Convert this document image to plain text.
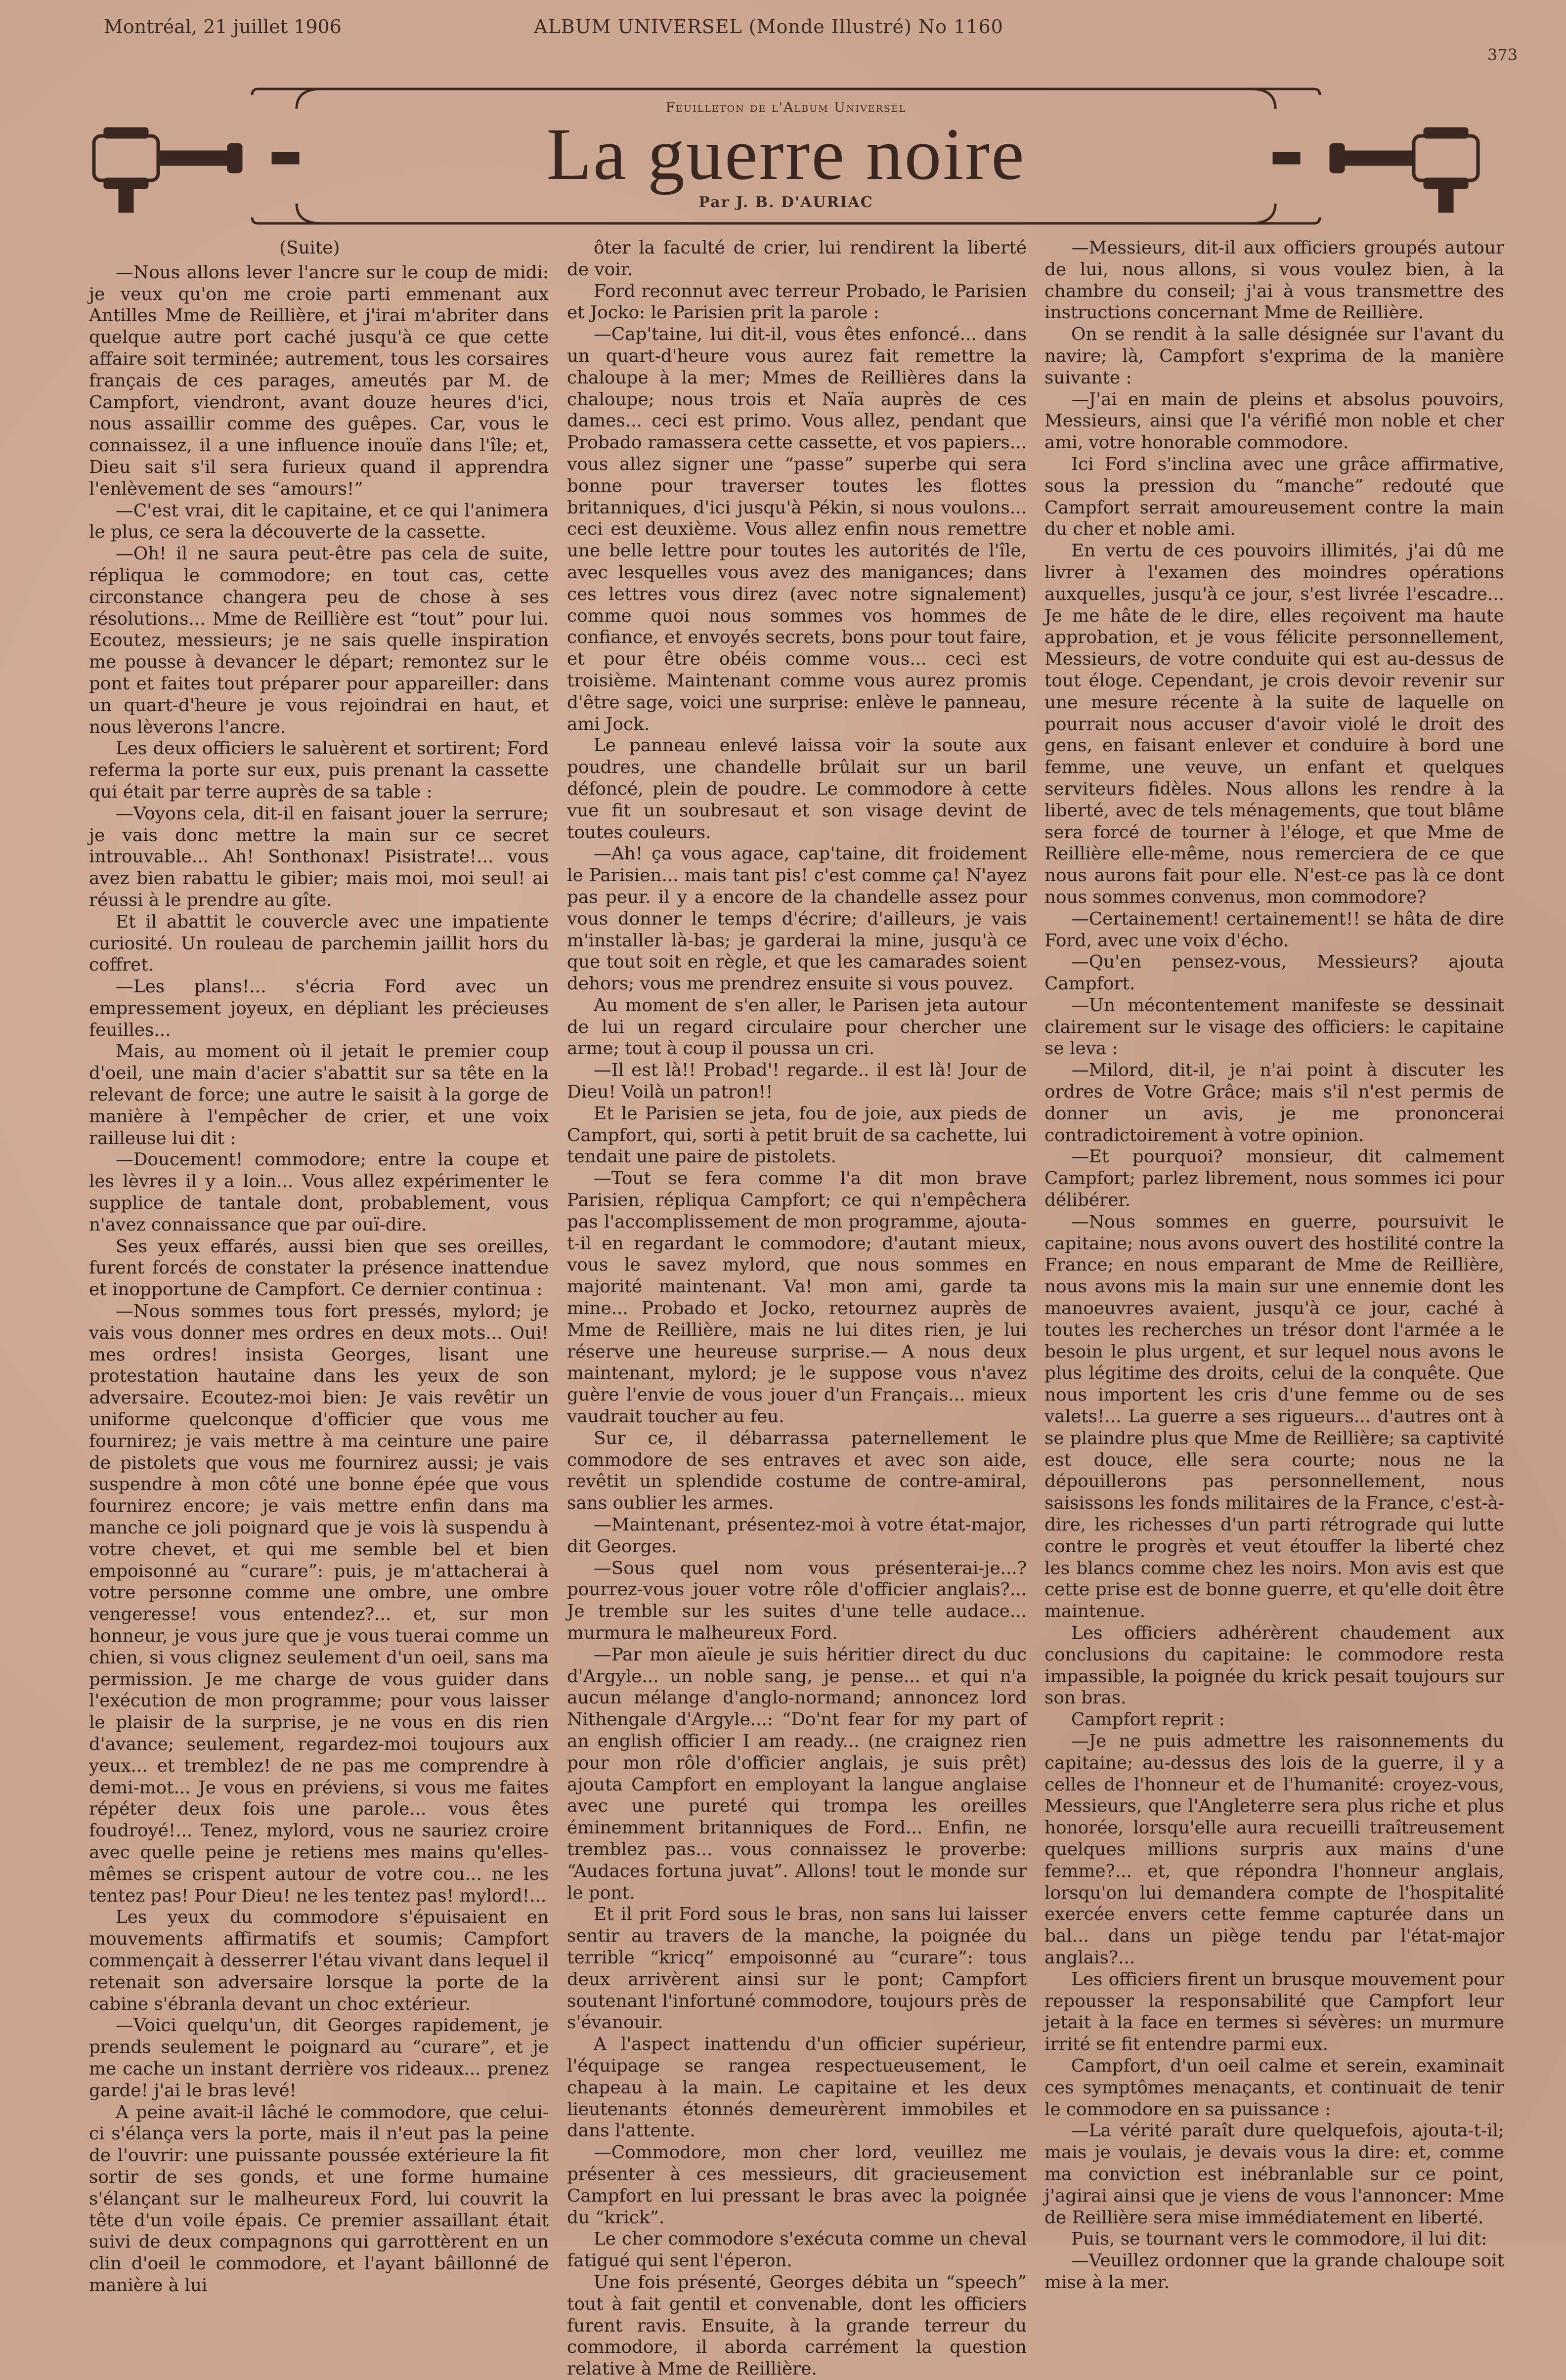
Montréal, 21 juillet 1906	ALBUM UNIVERSEL (Monde Illustré) No 1160
373
Feuilleton de l'Album Universel
La guerre noire
Par J. B. D'AURIAC

(Suite)

—Nous allons lever l'ancre sur le coup de midi: je veux qu'on me croie parti emmenant aux Antilles Mme de Reillière, et j'irai m'abriter dans quelque autre port caché jusqu'à ce que cette affaire soit terminée; autrement, tous les corsaires français de ces parages, ameutés par M. de Campfort, viendront, avant douze heures d'ici, nous assaillir comme des guêpes. Car, vous le connaissez, il a une influence inouïe dans l'île; et, Dieu sait s'il sera furieux quand il apprendra l'enlèvement de ses “amours!”

—C'est vrai, dit le capitaine, et ce qui l'animera le plus, ce sera la découverte de la cassette.

—Oh! il ne saura peut-être pas cela de suite, répliqua le commodore; en tout cas, cette circonstance changera peu de chose à ses résolutions... Mme de Reillière est “tout” pour lui. Ecoutez, messieurs; je ne sais quelle inspiration me pousse à devancer le départ; remontez sur le pont et faites tout préparer pour appareiller: dans un quart-d'heure je vous rejoindrai en haut, et nous lèverons l'ancre.

Les deux officiers le saluèrent et sortirent; Ford referma la porte sur eux, puis prenant la cassette qui était par terre auprès de sa table :

—Voyons cela, dit-il en faisant jouer la serrure; je vais donc mettre la main sur ce secret introuvable... Ah! Sonthonax! Pisistrate!... vous avez bien rabattu le gibier; mais moi, moi seul! ai réussi à le prendre au gîte.

Et il abattit le couvercle avec une impatiente curiosité. Un rouleau de parchemin jaillit hors du coffret.

—Les plans!... s'écria Ford avec un empressement joyeux, en dépliant les précieuses feuilles...

Mais, au moment où il jetait le premier coup d'oeil, une main d'acier s'abattit sur sa tête en la relevant de force; une autre le saisit à la gorge de manière à l'empêcher de crier, et une voix railleuse lui dit :

—Doucement! commodore; entre la coupe et les lèvres il y a loin... Vous allez expérimenter le supplice de tantale dont, probablement, vous n'avez connaissance que par ouï-dire.

Ses yeux effarés, aussi bien que ses oreilles, furent forcés de constater la présence inattendue et inopportune de Campfort. Ce dernier continua :

—Nous sommes tous fort pressés, mylord; je vais vous donner mes ordres en deux mots... Oui! mes ordres! insista Georges, lisant une protestation hautaine dans les yeux de son adversaire. Ecoutez-moi bien: Je vais revêtir un uniforme quelconque d'officier que vous me fournirez; je vais mettre à ma ceinture une paire de pistolets que vous me fournirez aussi; je vais suspendre à mon côté une bonne épée que vous fournirez encore; je vais mettre enfin dans ma manche ce joli poignard que je vois là suspendu à votre chevet, et qui me semble bel et bien empoisonné au “curare”: puis, je m'attacherai à votre personne comme une ombre, une ombre vengeresse! vous entendez?... et, sur mon honneur, je vous jure que je vous tuerai comme un chien, si vous clignez seulement d'un oeil, sans ma permission. Je me charge de vous guider dans l'exécution de mon programme; pour vous laisser le plaisir de la surprise, je ne vous en dis rien d'avance; seulement, regardez-moi toujours aux yeux... et tremblez! de ne pas me comprendre à demi-mot... Je vous en préviens, si vous me faites répéter deux fois une parole... vous êtes foudroyé!... Tenez, mylord, vous ne sauriez croire avec quelle peine je retiens mes mains qu'elles-mêmes se crispent autour de votre cou... ne les tentez pas! Pour Dieu! ne les tentez pas! mylord!...

Les yeux du commodore s'épuisaient en mouvements affirmatifs et soumis; Campfort commençait à desserrer l'étau vivant dans lequel il retenait son adversaire lorsque la porte de la cabine s'ébranla devant un choc extérieur.

—Voici quelqu'un, dit Georges rapidement, je prends seulement le poignard au “curare”, et je me cache un instant derrière vos rideaux... prenez garde! j'ai le bras levé!

A peine avait-il lâché le commodore, que celui-ci s'élança vers la porte, mais il n'eut pas la peine de l'ouvrir: une puissante poussée extérieure la fit sortir de ses gonds, et une forme humaine s'élançant sur le malheureux Ford, lui couvrit la tête d'un voile épais. Ce premier assaillant était suivi de deux compagnons qui garrottèrent en un clin d'oeil le commodore, et l'ayant bâillonné de manière à lui

ôter la faculté de crier, lui rendirent la liberté de voir.

Ford reconnut avec terreur Probado, le Parisien et Jocko: le Parisien prit la parole :

—Cap'taine, lui dit-il, vous êtes enfoncé... dans un quart-d'heure vous aurez fait remettre la chaloupe à la mer; Mmes de Reillières dans la chaloupe; nous trois et Naïa auprès de ces dames... ceci est primo. Vous allez, pendant que Probado ramassera cette cassette, et vos papiers... vous allez signer une “passe” superbe qui sera bonne pour traverser toutes les flottes britanniques, d'ici jusqu'à Pékin, si nous voulons... ceci est deuxième. Vous allez enfin nous remettre une belle lettre pour toutes les autorités de l'île, avec lesquelles vous avez des manigances; dans ces lettres vous direz (avec notre signalement) comme quoi nous sommes vos hommes de confiance, et envoyés secrets, bons pour tout faire, et pour être obéis comme vous... ceci est troisième. Maintenant comme vous aurez promis d'être sage, voici une surprise: enlève le panneau, ami Jock.

Le panneau enlevé laissa voir la soute aux poudres, une chandelle brûlait sur un baril défoncé, plein de poudre. Le commodore à cette vue fit un soubresaut et son visage devint de toutes couleurs.

—Ah! ça vous agace, cap'taine, dit froidement le Parisien... mais tant pis! c'est comme ça! N'ayez pas peur. il y a encore de la chandelle assez pour vous donner le temps d'écrire; d'ailleurs, je vais m'installer là-bas; je garderai la mine, jusqu'à ce que tout soit en règle, et que les camarades soient dehors; vous me prendrez ensuite si vous pouvez.

Au moment de s'en aller, le Parisen jeta autour de lui un regard circulaire pour chercher une arme; tout à coup il poussa un cri.

—Il est là!! Probad'! regarde.. il est là! Jour de Dieu! Voilà un patron!!

Et le Parisien se jeta, fou de joie, aux pieds de Campfort, qui, sorti à petit bruit de sa cachette, lui tendait une paire de pistolets.

—Tout se fera comme l'a dit mon brave Parisien, répliqua Campfort; ce qui n'empêchera pas l'accomplissement de mon programme, ajouta-t-il en regardant le commodore; d'autant mieux, vous le savez mylord, que nous sommes en majorité maintenant. Va! mon ami, garde ta mine... Probado et Jocko, retournez auprès de Mme de Reillière, mais ne lui dites rien, je lui réserve une heureuse surprise.— A nous deux maintenant, mylord; je le suppose vous n'avez guère l'envie de vous jouer d'un Français... mieux vaudrait toucher au feu.

Sur ce, il débarrassa paternellement le commodore de ses entraves et avec son aide, revêtit un splendide costume de contre-amiral, sans oublier les armes.

—Maintenant, présentez-moi à votre état-major, dit Georges.

—Sous quel nom vous présenterai-je...? pourrez-vous jouer votre rôle d'officier anglais?... Je tremble sur les suites d'une telle audace... murmura le malheureux Ford.

—Par mon aïeule je suis héritier direct du duc d'Argyle... un noble sang, je pense... et qui n'a aucun mélange d'anglo-normand; annoncez lord Nithengale d'Argyle...: “Do'nt fear for my part of an english officier I am ready... (ne craignez rien pour mon rôle d'officier anglais, je suis prêt) ajouta Campfort en employant la langue anglaise avec une pureté qui trompa les oreilles éminemment britanniques de Ford... Enfin, ne tremblez pas... vous connaissez le proverbe: “Audaces fortuna juvat”. Allons! tout le monde sur le pont.

Et il prit Ford sous le bras, non sans lui laisser sentir au travers de la manche, la poignée du terrible “kricq” empoisonné au “curare”: tous deux arrivèrent ainsi sur le pont; Campfort soutenant l'infortuné commodore, toujours près de s'évanouir.

A l'aspect inattendu d'un officier supérieur, l'équipage se rangea respectueusement, le chapeau à la main. Le capitaine et les deux lieutenants étonnés demeurèrent immobiles et dans l'attente.

—Commodore, mon cher lord, veuillez me présenter à ces messieurs, dit gracieusement Campfort en lui pressant le bras avec la poignée du “krick”.

Le cher commodore s'exécuta comme un cheval fatigué qui sent l'éperon.

Une fois présenté, Georges débita un “speech” tout à fait gentil et convenable, dont les officiers furent ravis. Ensuite, à la grande terreur du commodore, il aborda carrément la question relative à Mme de Reillière.

—Messieurs, dit-il aux officiers groupés autour de lui, nous allons, si vous voulez bien, à la chambre du conseil; j'ai à vous transmettre des instructions concernant Mme de Reillière.

On se rendit à la salle désignée sur l'avant du navire; là, Campfort s'exprima de la manière suivante :

—J'ai en main de pleins et absolus pouvoirs, Messieurs, ainsi que l'a vérifié mon noble et cher ami, votre honorable commodore.

Ici Ford s'inclina avec une grâce affirmative, sous la pression du “manche” redouté que Campfort serrait amoureusement contre la main du cher et noble ami.

En vertu de ces pouvoirs illimités, j'ai dû me livrer à l'examen des moindres opérations auxquelles, jusqu'à ce jour, s'est livrée l'escadre... Je me hâte de le dire, elles reçoivent ma haute approbation, et je vous félicite personnellement, Messieurs, de votre conduite qui est au-dessus de tout éloge. Cependant, je crois devoir revenir sur une mesure récente à la suite de laquelle on pourrait nous accuser d'avoir violé le droit des gens, en faisant enlever et conduire à bord une femme, une veuve, un enfant et quelques serviteurs fidèles. Nous allons les rendre à la liberté, avec de tels ménagements, que tout blâme sera forcé de tourner à l'éloge, et que Mme de Reillière elle-même, nous remerciera de ce que nous aurons fait pour elle. N'est-ce pas là ce dont nous sommes convenus, mon commodore?

—Certainement! certainement!! se hâta de dire Ford, avec une voix d'écho.

—Qu'en pensez-vous, Messieurs? ajouta Campfort.

—Un mécontentement manifeste se dessinait clairement sur le visage des officiers: le capitaine se leva :

—Milord, dit-il, je n'ai point à discuter les ordres de Votre Grâce; mais s'il n'est permis de donner un avis, je me prononcerai contradictoirement à votre opinion.

—Et pourquoi? monsieur, dit calmement Campfort; parlez librement, nous sommes ici pour délibérer.

—Nous sommes en guerre, poursuivit le capitaine; nous avons ouvert des hostilité contre la France; en nous emparant de Mme de Reillière, nous avons mis la main sur une ennemie dont les manoeuvres avaient, jusqu'à ce jour, caché à toutes les recherches un trésor dont l'armée a le besoin le plus urgent, et sur lequel nous avons le plus légitime des droits, celui de la conquête. Que nous importent les cris d'une femme ou de ses valets!... La guerre a ses rigueurs... d'autres ont à se plaindre plus que Mme de Reillière; sa captivité est douce, elle sera courte; nous ne la dépouillerons pas personnellement, nous saisissons les fonds militaires de la France, c'est-à-dire, les richesses d'un parti rétrograde qui lutte contre le progrès et veut étouffer la liberté chez les blancs comme chez les noirs. Mon avis est que cette prise est de bonne guerre, et qu'elle doit être maintenue.

Les officiers adhérèrent chaudement aux conclusions du capitaine: le commodore resta impassible, la poignée du krick pesait toujours sur son bras.

Campfort reprit :

—Je ne puis admettre les raisonnements du capitaine; au-dessus des lois de la guerre, il y a celles de l'honneur et de l'humanité: croyez-vous, Messieurs, que l'Angleterre sera plus riche et plus honorée, lorsqu'elle aura recueilli traîtreusement quelques millions surpris aux mains d'une femme?... et, que répondra l'honneur anglais, lorsqu'on lui demandera compte de l'hospitalité exercée envers cette femme capturée dans un bal... dans un piège tendu par l'état-major anglais?...

Les officiers firent un brusque mouvement pour repousser la responsabilité que Campfort leur jetait à la face en termes si sévères: un murmure irrité se fit entendre parmi eux.

Campfort, d'un oeil calme et serein, examinait ces symptômes menaçants, et continuait de tenir le commodore en sa puissance :

—La vérité paraît dure quelquefois, ajouta-t-il; mais je voulais, je devais vous la dire: et, comme ma conviction est inébranlable sur ce point, j'agirai ainsi que je viens de vous l'annoncer: Mme de Reillière sera mise immédiatement en liberté.

Puis, se tournant vers le commodore, il lui dit:

—Veuillez ordonner que la grande chaloupe soit mise à la mer.
